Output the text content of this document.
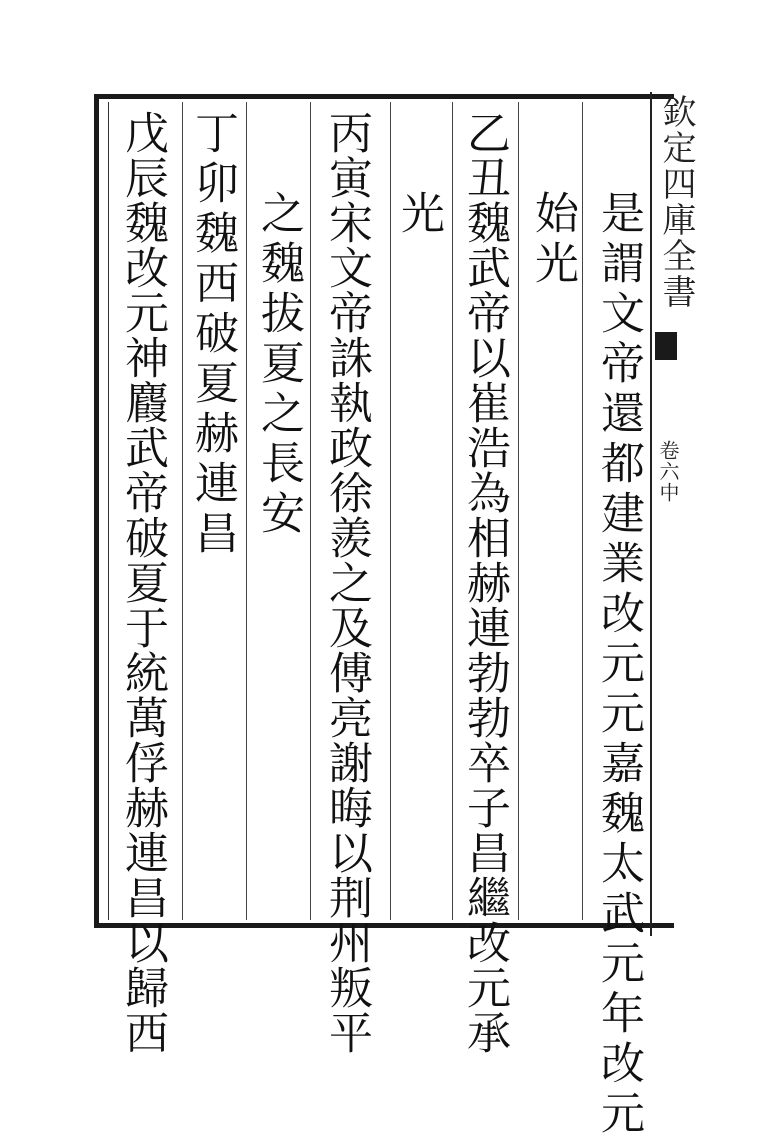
欽定四庫全書
卷六中
是謂文帝還都建業改元元嘉魏太武元年改元
始光
乙丑魏武帝以崔浩為相赫連勃勃卒子昌繼改元承
光
丙寅宋文帝誅執政徐羨之及傅亮謝晦以荆州叛平
之魏拔夏之長安
丁卯魏西破夏赫連昌
戊辰魏改元神麚武帝破夏于統萬俘赫連昌以歸西
